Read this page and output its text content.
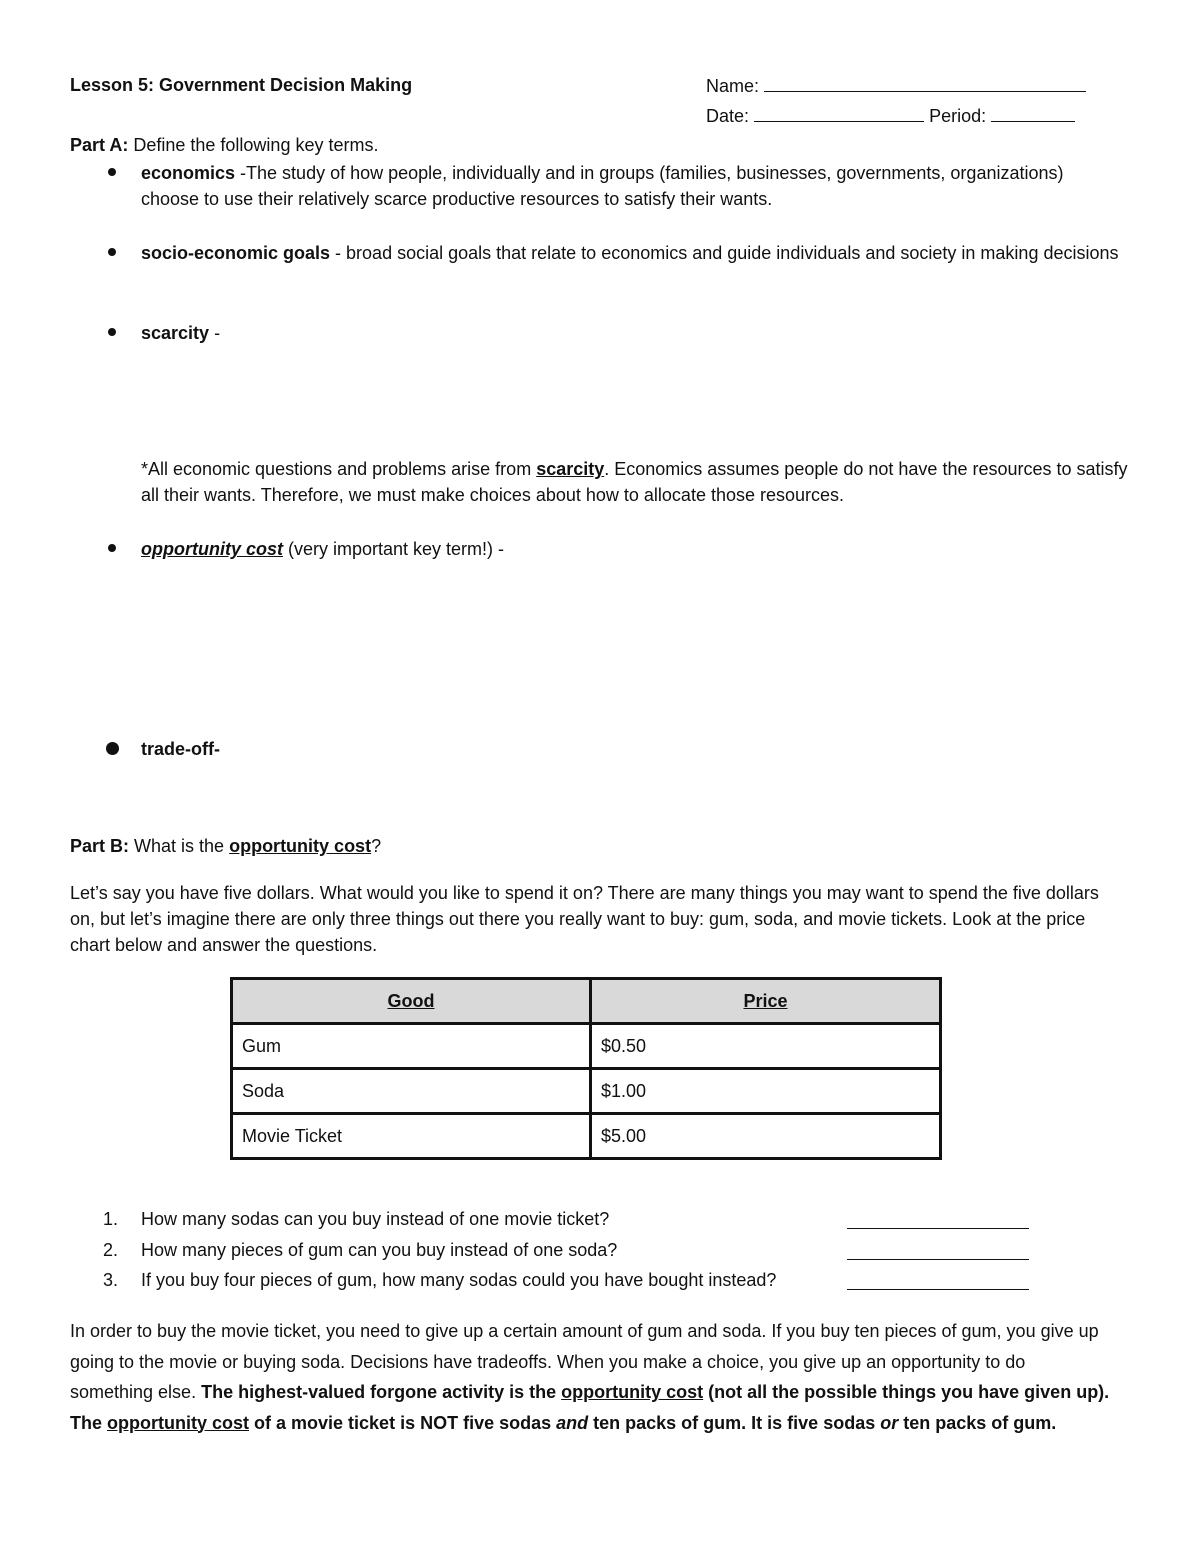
Lesson 5: Government Decision Making	Name:
Date:	Period:
Part A: Define the following key terms.
economics -The study of how people, individually and in groups (families, businesses, governments, organizations) choose to use their relatively scarce productive resources to satisfy their wants.
socio-economic goals - broad social goals that relate to economics and guide individuals and society in making decisions
scarcity -
*All economic questions and problems arise from scarcity. Economics assumes people do not have the resources to satisfy all their wants. Therefore, we must make choices about how to allocate those resources.
opportunity cost (very important key term!) -
trade-off-
Part B: What is the opportunity cost?
Let’s say you have five dollars. What would you like to spend it on? There are many things you may want to spend the five dollars on, but let’s imagine there are only three things out there you really want to buy: gum, soda, and movie tickets. Look at the price chart below and answer the questions.
Good	Price
Gum	$0.50
Soda	$1.00
Movie Ticket	$5.00
1. How many sodas can you buy instead of one movie ticket?
2. How many pieces of gum can you buy instead of one soda?
3. If you buy four pieces of gum, how many sodas could you have bought instead?
In order to buy the movie ticket, you need to give up a certain amount of gum and soda. If you buy ten pieces of gum, you give up going to the movie or buying soda. Decisions have tradeoffs. When you make a choice, you give up an opportunity to do something else. The highest-valued forgone activity is the opportunity cost (not all the possible things you have given up). The opportunity cost of a movie ticket is NOT five sodas and ten packs of gum. It is five sodas or ten packs of gum.
